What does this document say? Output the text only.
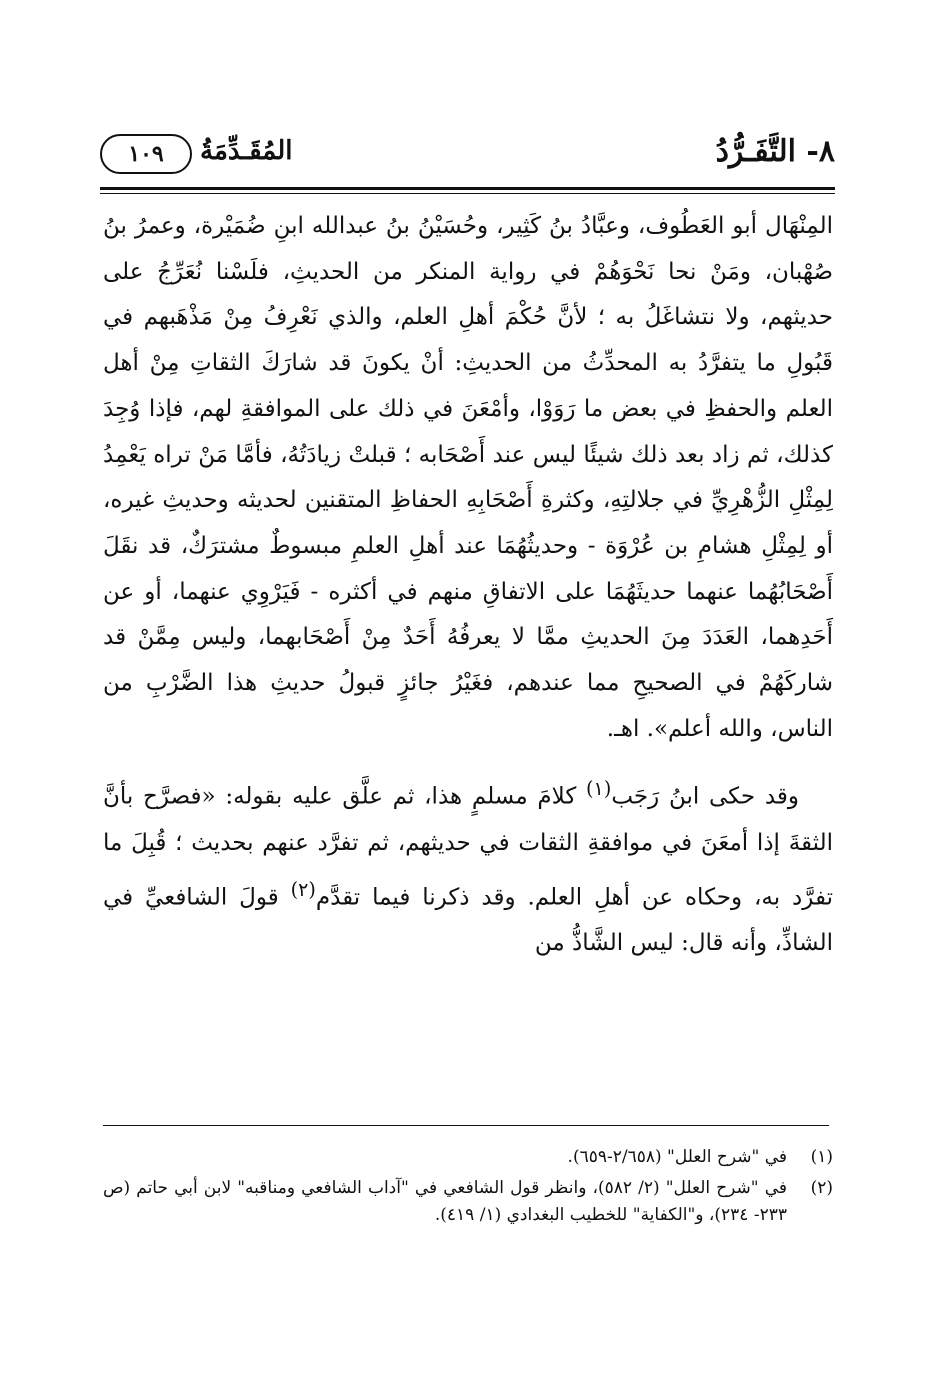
٨- التَّفَـرُّدُ
المُقَـدِّمَةُ
١٠٩

المِنْهَال أبو العَطُوف، وعبَّادُ بنُ كَثِير، وحُسَيْنُ بنُ عبدالله ابنِ ضُمَيْرة، وعمرُ بنُ صُهْبان، ومَنْ نحا نَحْوَهُمْ في رواية المنكر من الحديثِ، فلَسْنا نُعَرِّجُ على حديثهم، ولا نتشاغَلُ به ؛ لأنَّ حُكْمَ أهلِ العلم، والذي نَعْرِفُ مِنْ مَذْهَبهم في قَبُولِ ما يتفرَّدُ به المحدِّثُ من الحديثِ: أنْ يكونَ قد شارَكَ الثقاتِ مِنْ أهل العلم والحفظِ في بعض ما رَوَوْا، وأمْعَنَ في ذلك على الموافقةِ لهم، فإذا وُجِدَ كذلك، ثم زاد بعد ذلك شيئًا ليس عند أَصْحَابه ؛ قبلتْ زيادَتُهُ، فأمَّا مَنْ تراه يَعْمِدُ لِمِثْلِ الزُّهْرِيِّ في جلالتِهِ، وكثرةِ أَصْحَابِهِ الحفاظِ المتقنين لحديثه وحديثِ غيره، أو لِمِثْلِ هشامِ بن عُرْوَة - وحديثُهُمَا عند أهلِ العلمِ مبسوطٌ مشترَكٌ، قد نقَلَ أَصْحَابُهُما عنهما حديثَهُمَا على الاتفاقِ منهم في أكثره - فَيَرْوِي عنهما، أو عن أَحَدِهما، العَدَدَ مِنَ الحديثِ ممَّا لا يعرفُهُ أَحَدٌ مِنْ أَصْحَابهما، وليس مِمَّنْ قد شاركَهُمْ في الصحيحِ مما عندهم، فغَيْرُ جائزٍ قبولُ حديثِ هذا الضَّرْبِ من الناس، والله أعلم». اهـ.

وقد حكى ابنُ رَجَب$^{(١)}$ كلامَ مسلمٍ هذا، ثم علَّق عليه بقوله: «فصرَّح بأنَّ الثقةَ إذا أمعَنَ في موافقةِ الثقات في حديثهم، ثم تفرَّد عنهم بحديث ؛ قُبِلَ ما تفرَّد به، وحكاه عن أهلِ العلم. وقد ذكرنا فيما تقدَّم$^{(٢)}$ قولَ الشافعيِّ في الشاذِّ، وأنه قال: ليس الشَّاذُّ من

(١)
في "شرح العلل" (٢/٦٥٨-٦٥٩).
(٢)
في "شرح العلل" (٢/ ٥٨٢)، وانظر قول الشافعي في "آداب الشافعي ومناقبه" لابن أبي حاتم (ص ٢٣٣- ٢٣٤)، و"الكفاية" للخطيب البغدادي (١/ ٤١٩).
